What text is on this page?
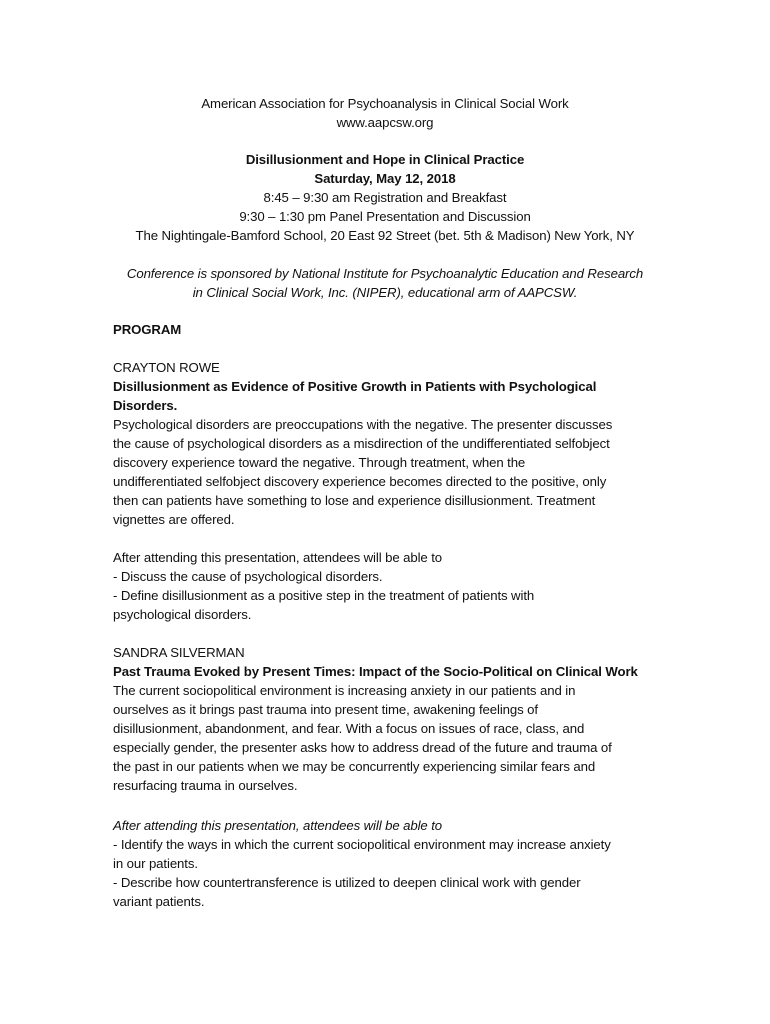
American Association for Psychoanalysis in Clinical Social Work
www.aapcsw.org
Disillusionment and Hope in Clinical Practice
Saturday, May 12, 2018
8:45 – 9:30 am Registration and Breakfast
9:30 – 1:30 pm Panel Presentation and Discussion
The Nightingale-Bamford School, 20 East 92 Street (bet. 5th & Madison) New York, NY
Conference is sponsored by National Institute for Psychoanalytic Education and Research
in Clinical Social Work, Inc. (NIPER), educational arm of AAPCSW.
PROGRAM
CRAYTON ROWE
Disillusionment as Evidence of Positive Growth in Patients with Psychological
Disorders.
Psychological disorders are preoccupations with the negative. The presenter discusses
the cause of psychological disorders as a misdirection of the undifferentiated selfobject
discovery experience toward the negative. Through treatment, when the
undifferentiated selfobject discovery experience becomes directed to the positive, only
then can patients have something to lose and experience disillusionment. Treatment
vignettes are offered.
After attending this presentation, attendees will be able to
- Discuss the cause of psychological disorders.
- Define disillusionment as a positive step in the treatment of patients with
psychological disorders.
SANDRA SILVERMAN
Past Trauma Evoked by Present Times: Impact of the Socio-Political on Clinical Work
The current sociopolitical environment is increasing anxiety in our patients and in
ourselves as it brings past trauma into present time, awakening feelings of
disillusionment, abandonment, and fear. With a focus on issues of race, class, and
especially gender, the presenter asks how to address dread of the future and trauma of
the past in our patients when we may be concurrently experiencing similar fears and
resurfacing trauma in ourselves.
After attending this presentation, attendees will be able to
- Identify the ways in which the current sociopolitical environment may increase anxiety
in our patients.
- Describe how countertransference is utilized to deepen clinical work with gender
variant patients.
